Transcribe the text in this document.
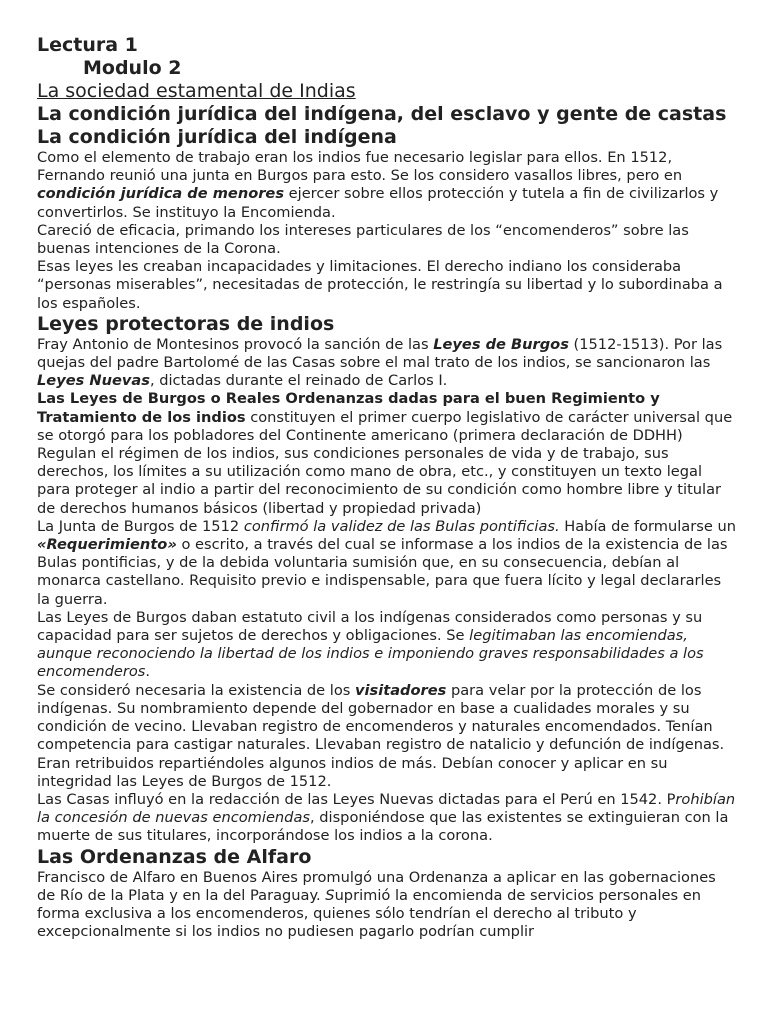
Lectura 1
Modulo 2
La sociedad estamental de Indias
La condición jurídica del indígena, del esclavo y gente de castas
La condición jurídica del indígena

Como el elemento de trabajo eran los indios fue necesario legislar para ellos. En 1512, Fernando reunió una junta en Burgos para esto. Se los considero vasallos libres, pero en condición jurídica de menores ejercer sobre ellos protección y tutela a fin de civilizarlos y convertirlos. Se instituyo la Encomienda.

Careció de eficacia, primando los intereses particulares de los “encomenderos” sobre las buenas intenciones de la Corona.

Esas leyes les creaban incapacidades y limitaciones. El derecho indiano los consideraba “personas miserables”, necesitadas de protección, le restringía su libertad y lo subordinaba a los españoles.

Leyes protectoras de indios

Fray Antonio de Montesinos provocó la sanción de las Leyes de Burgos (1512-1513). Por las quejas del padre Bartolomé de las Casas sobre el mal trato de los indios, se sancionaron las Leyes Nuevas, dictadas durante el reinado de Carlos I.

Las Leyes de Burgos o Reales Ordenanzas dadas para el buen Regimiento y Tratamiento de los indios constituyen el primer cuerpo legislativo de carácter universal que se otorgó para los pobladores del Continente americano (primera declaración de DDHH)

Regulan el régimen de los indios, sus condiciones personales de vida y de trabajo, sus derechos, los límites a su utilización como mano de obra, etc., y constituyen un texto legal para proteger al indio a partir del reconocimiento de su condición como hombre libre y titular de derechos humanos básicos (libertad y propiedad privada)

La Junta de Burgos de 1512 confirmó la validez de las Bulas pontificias. Había de formularse un «Requerimiento» o escrito, a través del cual se informase a los indios de la existencia de las Bulas pontificias, y de la debida voluntaria sumisión que, en su consecuencia, debían al monarca castellano. Requisito previo e indispensable, para que fuera lícito y legal declararles la guerra.

Las Leyes de Burgos daban estatuto civil a los indígenas considerados como personas y su capacidad para ser sujetos de derechos y obligaciones. Se legitimaban las encomiendas, aunque reconociendo la libertad de los indios e imponiendo graves responsabilidades a los encomenderos.

Se consideró necesaria la existencia de los visitadores para velar por la protección de los indígenas. Su nombramiento depende del gobernador en base a cualidades morales y su condición de vecino. Llevaban registro de encomenderos y naturales encomendados. Tenían competencia para castigar naturales. Llevaban registro de natalicio y defunción de indígenas. Eran retribuidos repartiéndoles algunos indios de más. Debían conocer y aplicar en su integridad las Leyes de Burgos de 1512.

Las Casas influyó en la redacción de las Leyes Nuevas dictadas para el Perú en 1542. Prohibían la concesión de nuevas encomiendas, disponiéndose que las existentes se extinguieran con la muerte de sus titulares, incorporándose los indios a la corona.

Las Ordenanzas de Alfaro

Francisco de Alfaro en Buenos Aires promulgó una Ordenanza a aplicar en las gobernaciones de Río de la Plata y en la del Paraguay. Suprimió la encomienda de servicios personales en forma exclusiva a los encomenderos, quienes sólo tendrían el derecho al tributo y excepcionalmente si los indios no pudiesen pagarlo podrían cumplir
